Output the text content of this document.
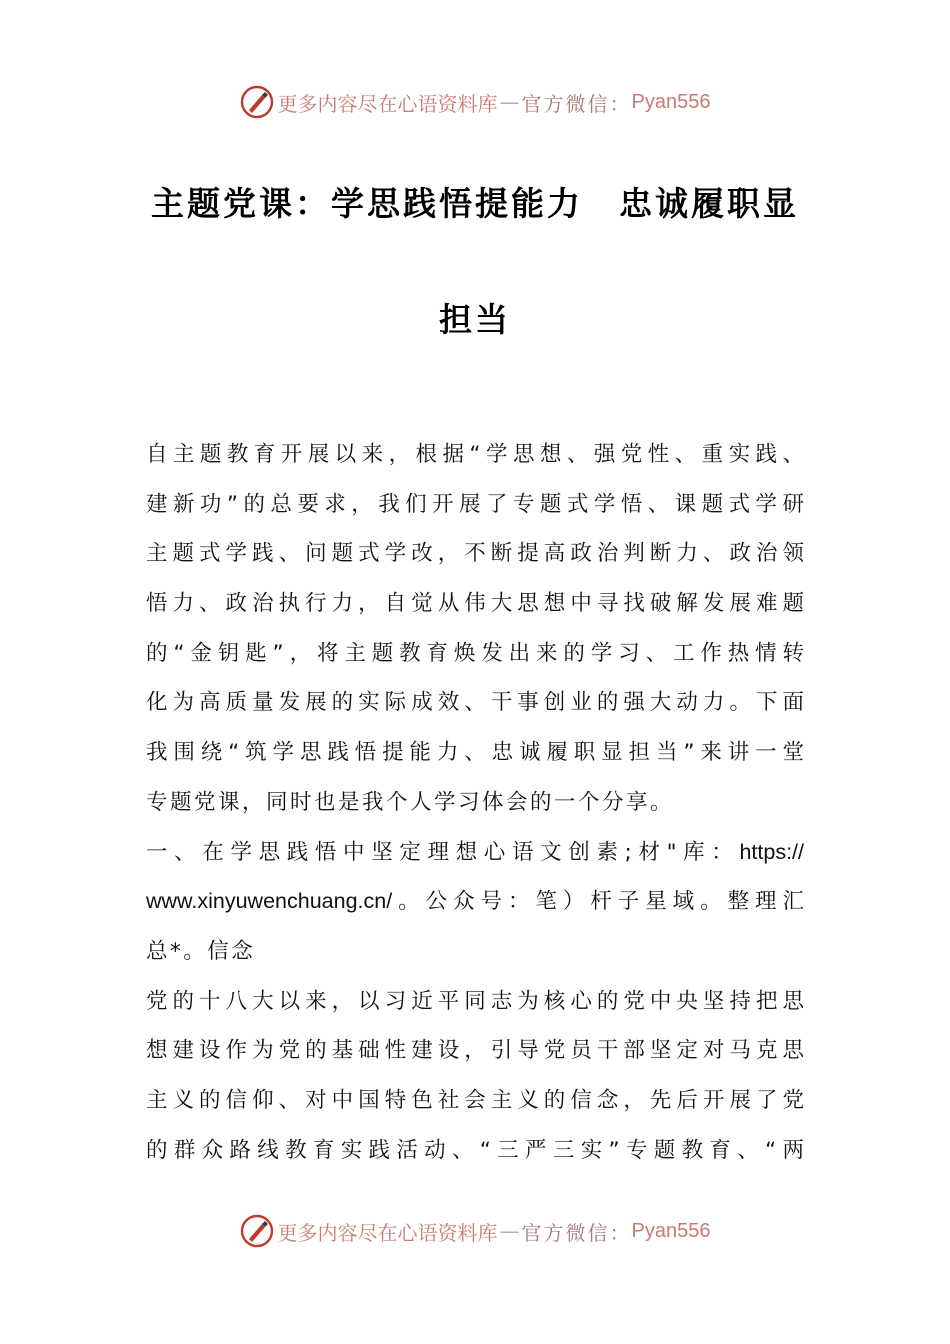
更多内容尽在心语资料库 — 官方微信： Pyan556
主题党课：学思践悟提能力　忠诚履职显
担当
自主题教育开展以来，根据“学思想、强党性、重实践、
建新功”的总要求，我们开展了专题式学悟、课题式学研
主题式学践、问题式学改，不断提高政治判断力、政治领
悟力、政治执行力，自觉从伟大思想中寻找破解发展难题
的“金钥匙”，将主题教育焕发出来的学习、工作热情转
化为高质量发展的实际成效、干事创业的强大动力。下面
我围绕“筑学思践悟提能力、忠诚履职显担当”来讲一堂
专题党课，同时也是我个人学习体会的一个分享。
一、在学思践悟中坚定理想心语文创素;材"库：https://
www.xinyuwenchuang.cn/。公众号：笔）杆子星域。整理汇
总*。信念
党的十八大以来，以习近平同志为核心的党中央坚持把思
想建设作为党的基础性建设，引导党员干部坚定对马克思
主义的信仰、对中国特色社会主义的信念，先后开展了党
的群众路线教育实践活动、“三严三实”专题教育、“两
更多内容尽在心语资料库 — 官方微信： Pyan556
